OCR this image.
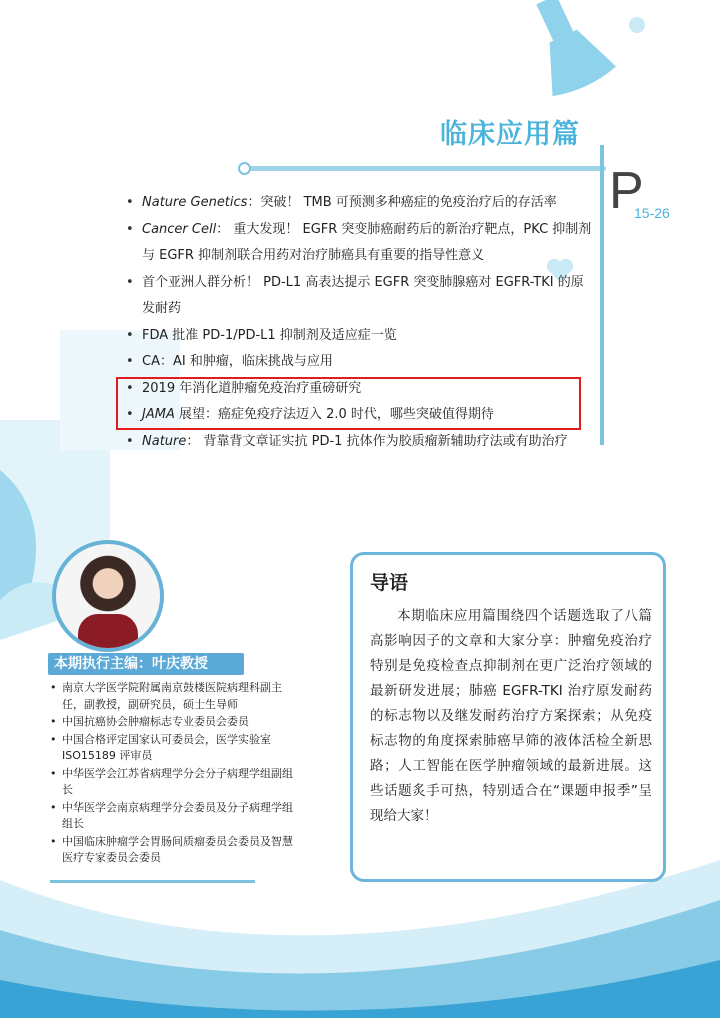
临床应用篇
P
15-26
• Nature Genetics：突破！ TMB 可预测多种癌症的免疫治疗后的存活率
• Cancer Cell： 重大发现！ EGFR 突变肺癌耐药后的新治疗靶点，PKC 抑制剂与 EGFR 抑制剂联合用药对治疗肺癌具有重要的指导性意义
• 首个亚洲人群分析！ PD-L1 高表达提示 EGFR 突变肺腺癌对 EGFR-TKI 的原发耐药
• FDA 批准 PD-1/PD-L1 抑制剂及适应症一览
• CA：AI 和肿瘤，临床挑战与应用
• 2019 年消化道肿瘤免疫治疗重磅研究
• JAMA 展望：癌症免疫疗法迈入 2.0 时代，哪些突破值得期待
• Nature： 背靠背文章证实抗 PD-1 抗体作为胶质瘤新辅助疗法或有助治疗
本期执行主编：叶庆教授
• 南京大学医学院附属南京鼓楼医院病理科副主任，副教授，副研究员，硕士生导师
• 中国抗癌协会肿瘤标志专业委员会委员
• 中国合格评定国家认可委员会，医学实验室 ISO15189 评审员
• 中华医学会江苏省病理学分会分子病理学组副组长
• 中华医学会南京病理学分会委员及分子病理学组组长
• 中国临床肿瘤学会胃肠间质瘤委员会委员及智慧医疗专家委员会委员
导语

本期临床应用篇围绕四个话题选取了八篇高影响因子的文章和大家分享：肿瘤免疫治疗特别是免疫检查点抑制剂在更广泛治疗领域的最新研发进展；肺癌 EGFR-TKI 治疗原发耐药的标志物以及继发耐药治疗方案探索；从免疫标志物的角度探索肺癌早筛的液体活检全新思路；人工智能在医学肿瘤领域的最新进展。这些话题炙手可热，特别适合在“课题申报季”呈现给大家！
